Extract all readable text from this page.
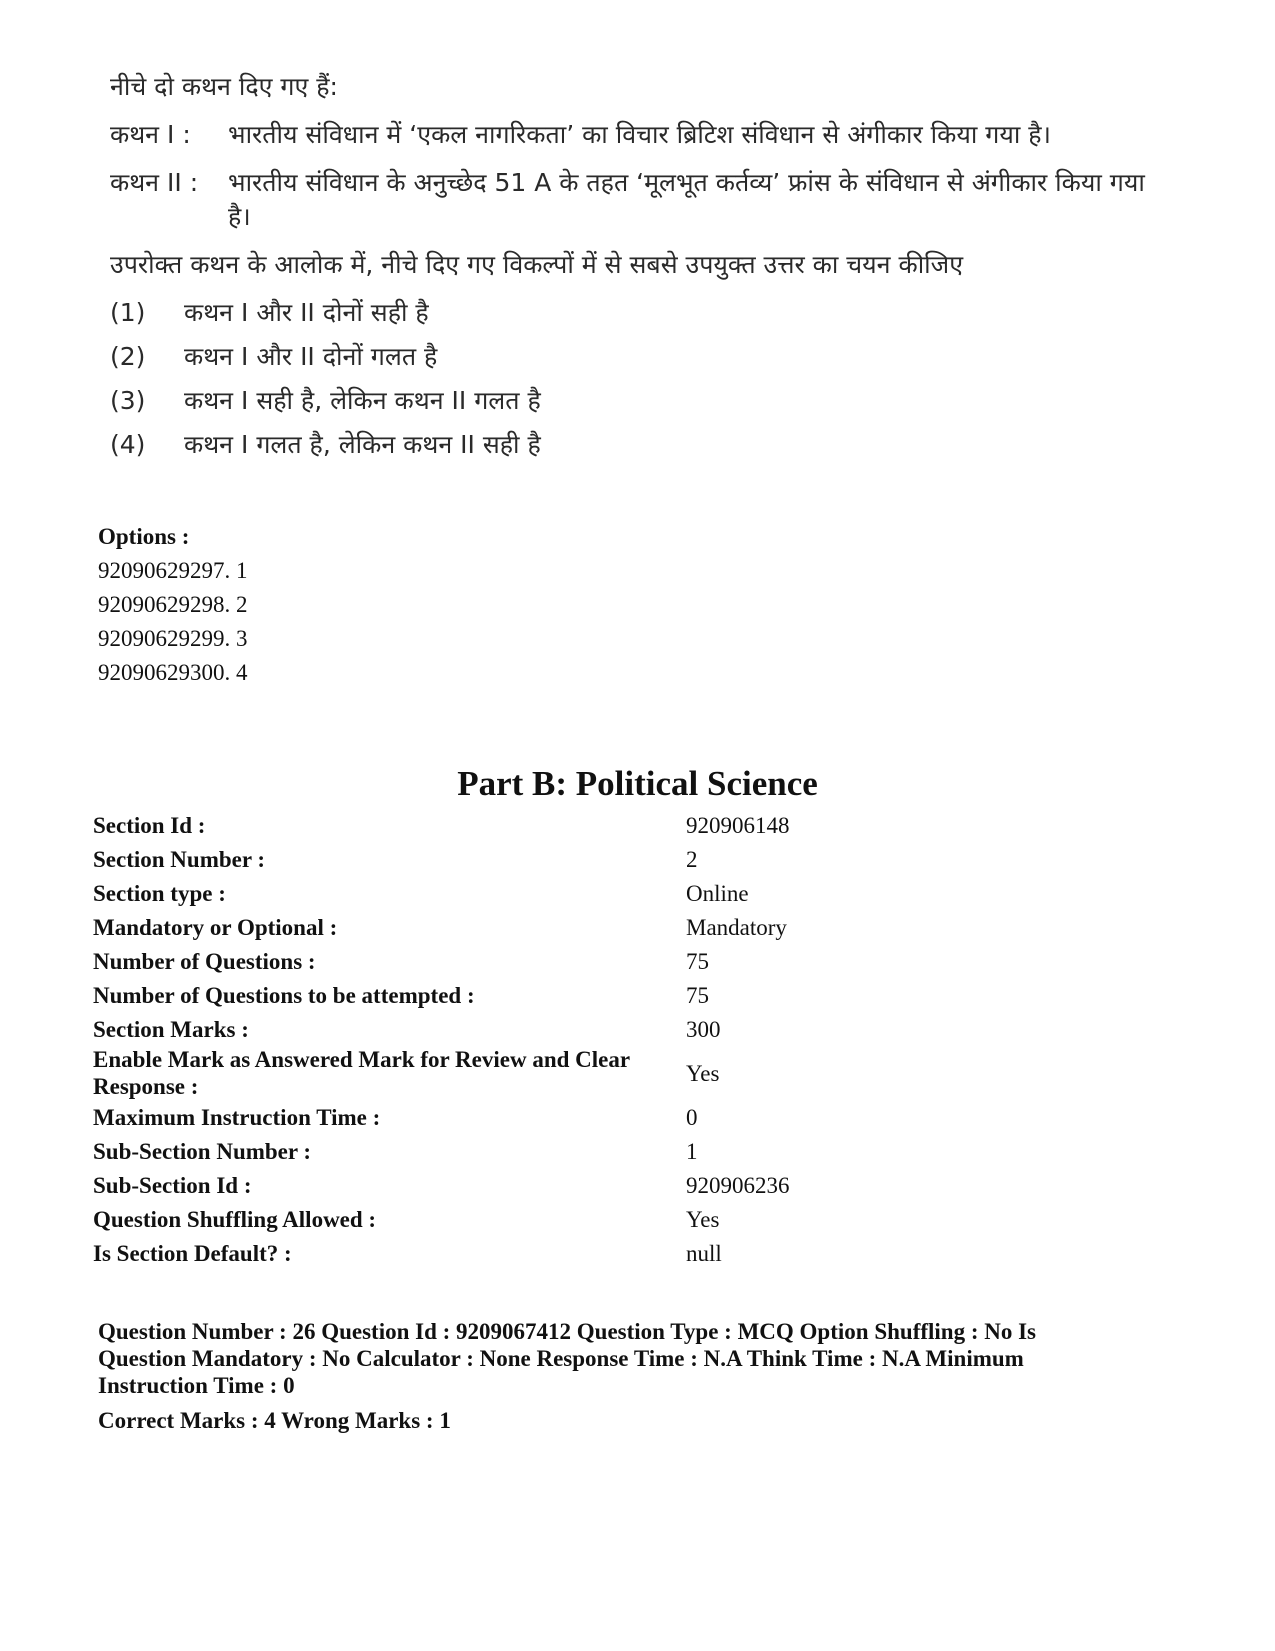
नीचे दो कथन दिए गए हैं:

कथन I :	भारतीय संविधान में ‘एकल नागरिकता’ का विचार ब्रिटिश संविधान से अंगीकार किया गया है।
कथन II :	भारतीय संविधान के अनुच्छेद 51 A के तहत ‘मूलभूत कर्तव्य’ फ्रांस के संविधान से अंगीकार किया गया है।

उपरोक्त कथन के आलोक में, नीचे दिए गए विकल्पों में से सबसे उपयुक्त उत्तर का चयन कीजिए

(1)	कथन I और II दोनों सही है
(2)	कथन I और II दोनों गलत है
(3)	कथन I सही है, लेकिन कथन II गलत है
(4)	कथन I गलत है, लेकिन कथन II सही है
Options :
92090629297. 1
92090629298. 2
92090629299. 3
92090629300. 4
Part B: Political Science
Section Id :	920906148
Section Number :	2
Section type :	Online
Mandatory or Optional :	Mandatory
Number of Questions :	75
Number of Questions to be attempted :	75
Section Marks :	300
Enable Mark as Answered Mark for Review and Clear Response :	Yes
Maximum Instruction Time :	0
Sub-Section Number :	1
Sub-Section Id :	920906236
Question Shuffling Allowed :	Yes
Is Section Default? :	null

Question Number : 26 Question Id : 9209067412 Question Type : MCQ Option Shuffling : No Is Question Mandatory : No Calculator : None Response Time : N.A Think Time : N.A Minimum Instruction Time : 0

Correct Marks : 4 Wrong Marks : 1
